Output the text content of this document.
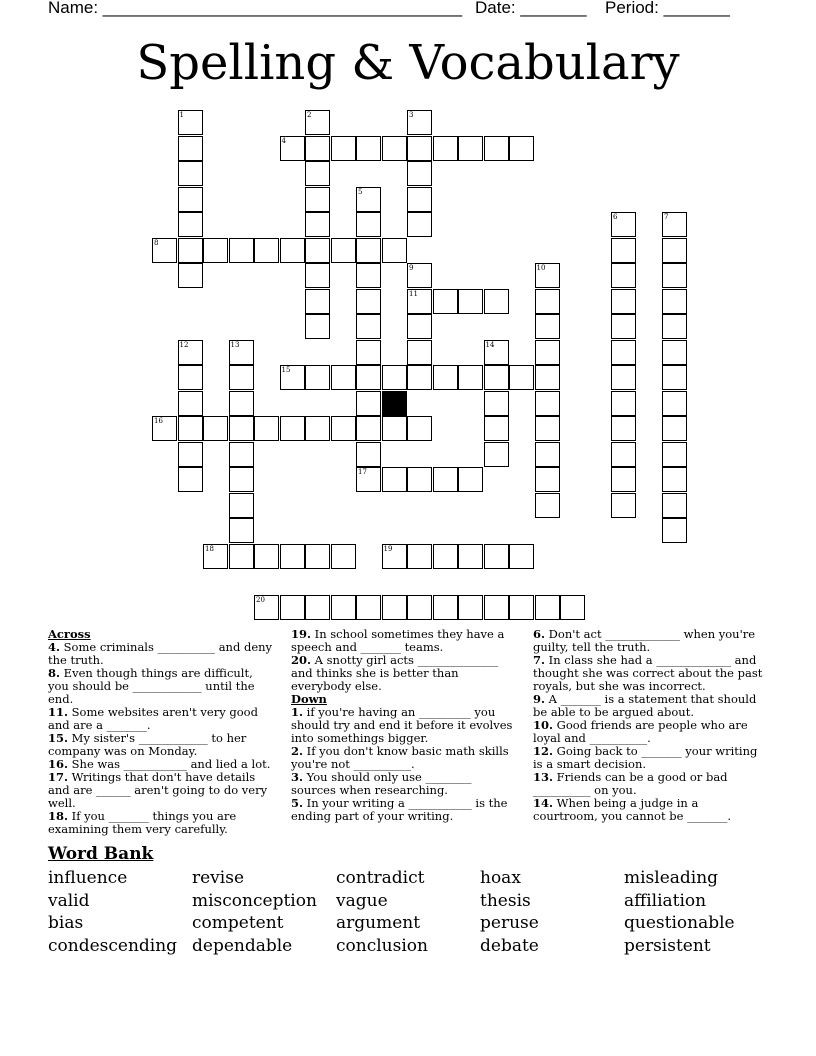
Name: ______________________________________ Date: _______ Period: _______
Spelling & Vocabulary
1	2	3
4
5
6	7
8
9	10
11
12	13	14
15
16
17
18	19
20

Across

4. Some criminals __________ and deny the truth.

8. Even though things are difficult, you should be ____________ until the end.

11. Some websites aren't very good and are a _______.

15. My sister's ____________ to her company was on Monday.

16. She was ___________ and lied a lot.

17. Writings that don't have details and are ______ aren't going to do very well.

18. If you _______ things you are examining them very carefully.

19. In school sometimes they have a speech and _______ teams.

20. A snotty girl acts ______________ and thinks she is better than everybody else.

Down

1. if you're having an _________ you should try and end it before it evolves into somethings bigger.

2. If you don't know basic math skills you're not __________.

3. You should only use ________ sources when researching.

5. In your writing a ___________ is the ending part of your writing.

6. Don't act _____________ when you're guilty, tell the truth.

7. In class she had a _____________ and thought she was correct about the past royals, but she was incorrect.

9. A _______ is a statement that should be able to be argued about.

10. Good friends are people who are loyal and __________.

12. Going back to _______ your writing is a smart decision.

13. Friends can be a good or bad __________ on you.

14. When being a judge in a courtroom, you cannot be _______.

Word Bank
influence
valid
bias
condescending
revise
misconception
competent
dependable
contradict
vague
argument
conclusion
hoax
thesis
peruse
debate
misleading
affiliation
questionable
persistent
